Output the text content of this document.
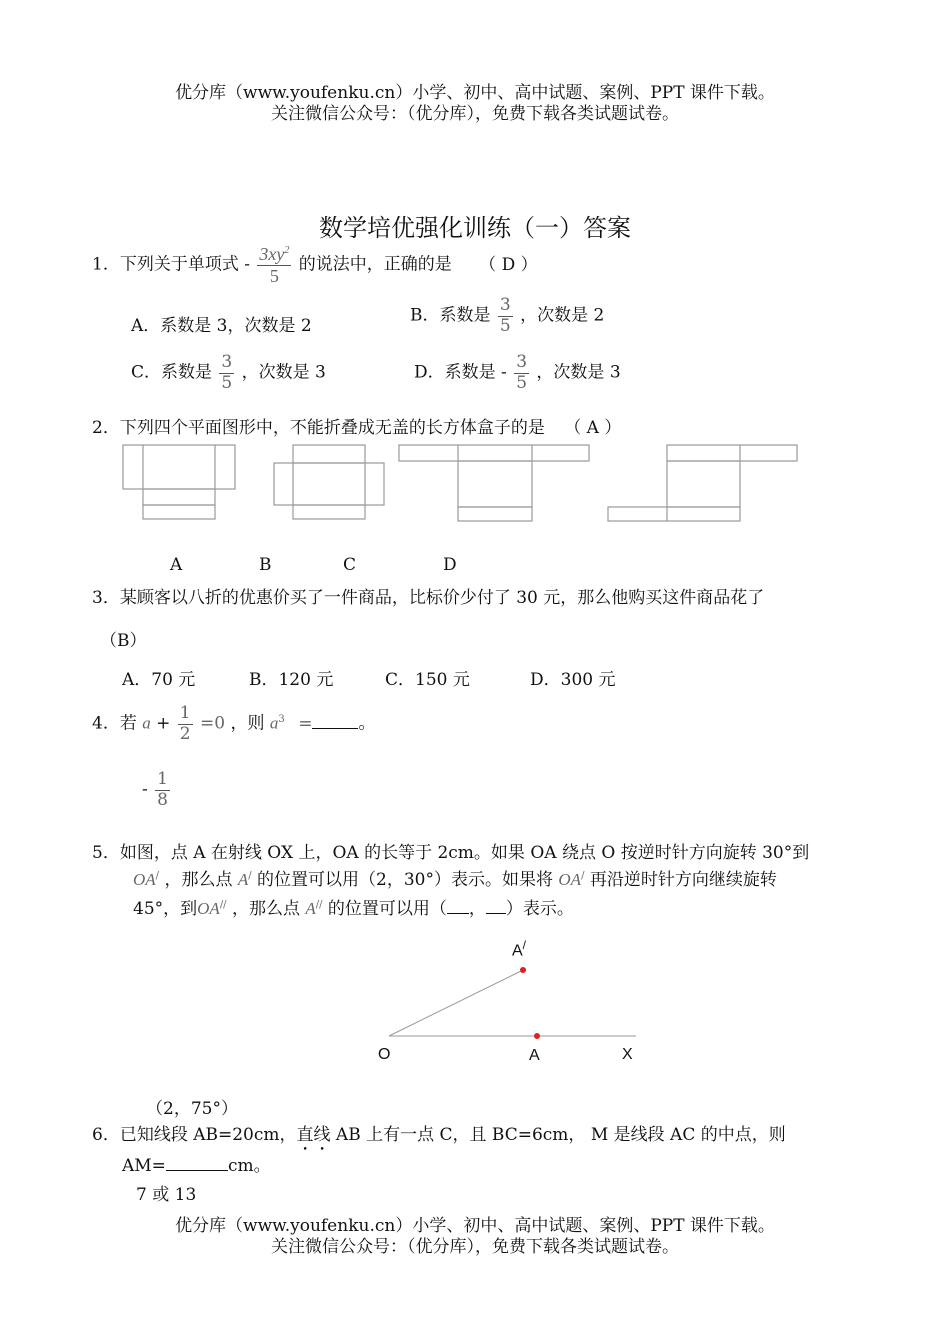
优分库（www.youfenku.cn）小学、初中、高中试题、案例、PPT 课件下载。
关注微信公众号：（优分库），免费下载各类试题试卷。
数学培优强化训练（一）答案
1．下列关于单项式 - $\frac{3xy^2}{5}$ 的说法中，正确的是 （ D ）
A．系数是 3，次数是 2
B．系数是 $\frac{3}{5}$ ，次数是 2
C．系数是 $\frac{3}{5}$ ，次数是 3	D．系数是 - $\frac{3}{5}$ ，次数是 3
2．下列四个平面图形中，不能折叠成无盖的长方体盒子的是 （ A ）
A	B	C	D
3．某顾客以八折的优惠价买了一件商品，比标价少付了 30 元，那么他购买这件商品花了
（B）
A．70 元	B．120 元	C．150 元	D．300 元
4．若 $a + \frac{1}{2} =0$ ，则 $a^3$ =	。
- $\frac{1}{8}$
5．如图，点 A 在射线 OX 上，OA 的长等于 2cm。如果 OA 绕点 O 按逆时针方向旋转 30°到
OA/ ，那么点 A/ 的位置可以用（2，30°）表示。如果将 OA/ 再沿逆时针方向继续旋转
45°，到OA// ，那么点 A// 的位置可以用（ ， ）表示。
A/
O	A	X
（2，75°）
6．已知线段 AB=20cm，直线 AB 上有一点 C，且 BC=6cm， M 是线段 AC 的中点，则
AM=	cm。
7 或 13
优分库（www.youfenku.cn）小学、初中、高中试题、案例、PPT 课件下载。
关注微信公众号：（优分库），免费下载各类试题试卷。
